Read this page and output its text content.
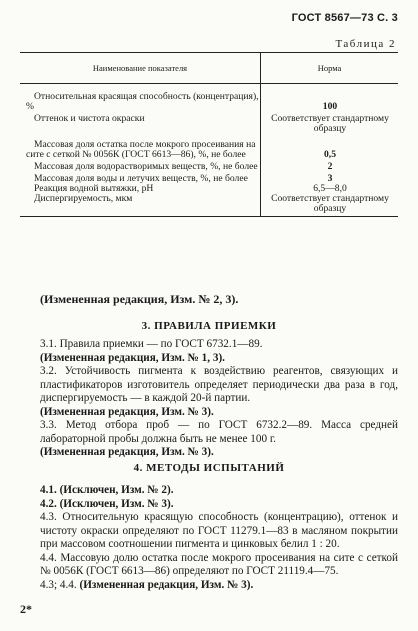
ГОСТ 8567—73 С. 3
Таблица 2
Наименование показателя	Норма
Относительная красящая способность (концентрация), %	100
Оттенок и чистота окраски	Соответствует стандартному образцу
Массовая доля остатка после мокрого просеивания на сите с сеткой № 0056К (ГОСТ 6613—86), %, не более	0,5
Массовая доля водорастворимых веществ, %, не более	2
Массовая доля воды и летучих веществ, %, не более	3
Реакция водной вытяжки, pH	6,5—8,0
Диспергируемость, мкм	Соответствует стандартному образцу
(Измененная редакция, Изм. № 2, 3).
3. ПРАВИЛА ПРИЕМКИ
3.1. Правила приемки — по ГОСТ 6732.1—89.
(Измененная редакция, Изм. № 1, 3).
3.2. Устойчивость пигмента к воздействию реагентов, связующих и пластификаторов изготовитель определяет периодически два раза в год, диспергируемость — в каждой 20-й партии.
(Измененная редакция, Изм. № 3).
3.3. Метод отбора проб — по ГОСТ 6732.2—89. Масса средней лабораторной пробы должна быть не менее 100 г.
(Измененная редакция, Изм. № 3).
4. МЕТОДЫ ИСПЫТАНИЙ
4.1. (Исключен, Изм. № 2).
4.2. (Исключен, Изм. № 3).
4.3. Относительную красящую способность (концентрацию), оттенок и чистоту окраски определяют по ГОСТ 11279.1—83 в масляном покрытии при массовом соотношении пигмента и цинковых белил 1 : 20.
4.4. Массовую долю остатка после мокрого просеивания на сите с сеткой № 0056К (ГОСТ 6613—86) определяют по ГОСТ 21119.4—75.
4.3; 4.4. (Измененная редакция, Изм. № 3).
2*
